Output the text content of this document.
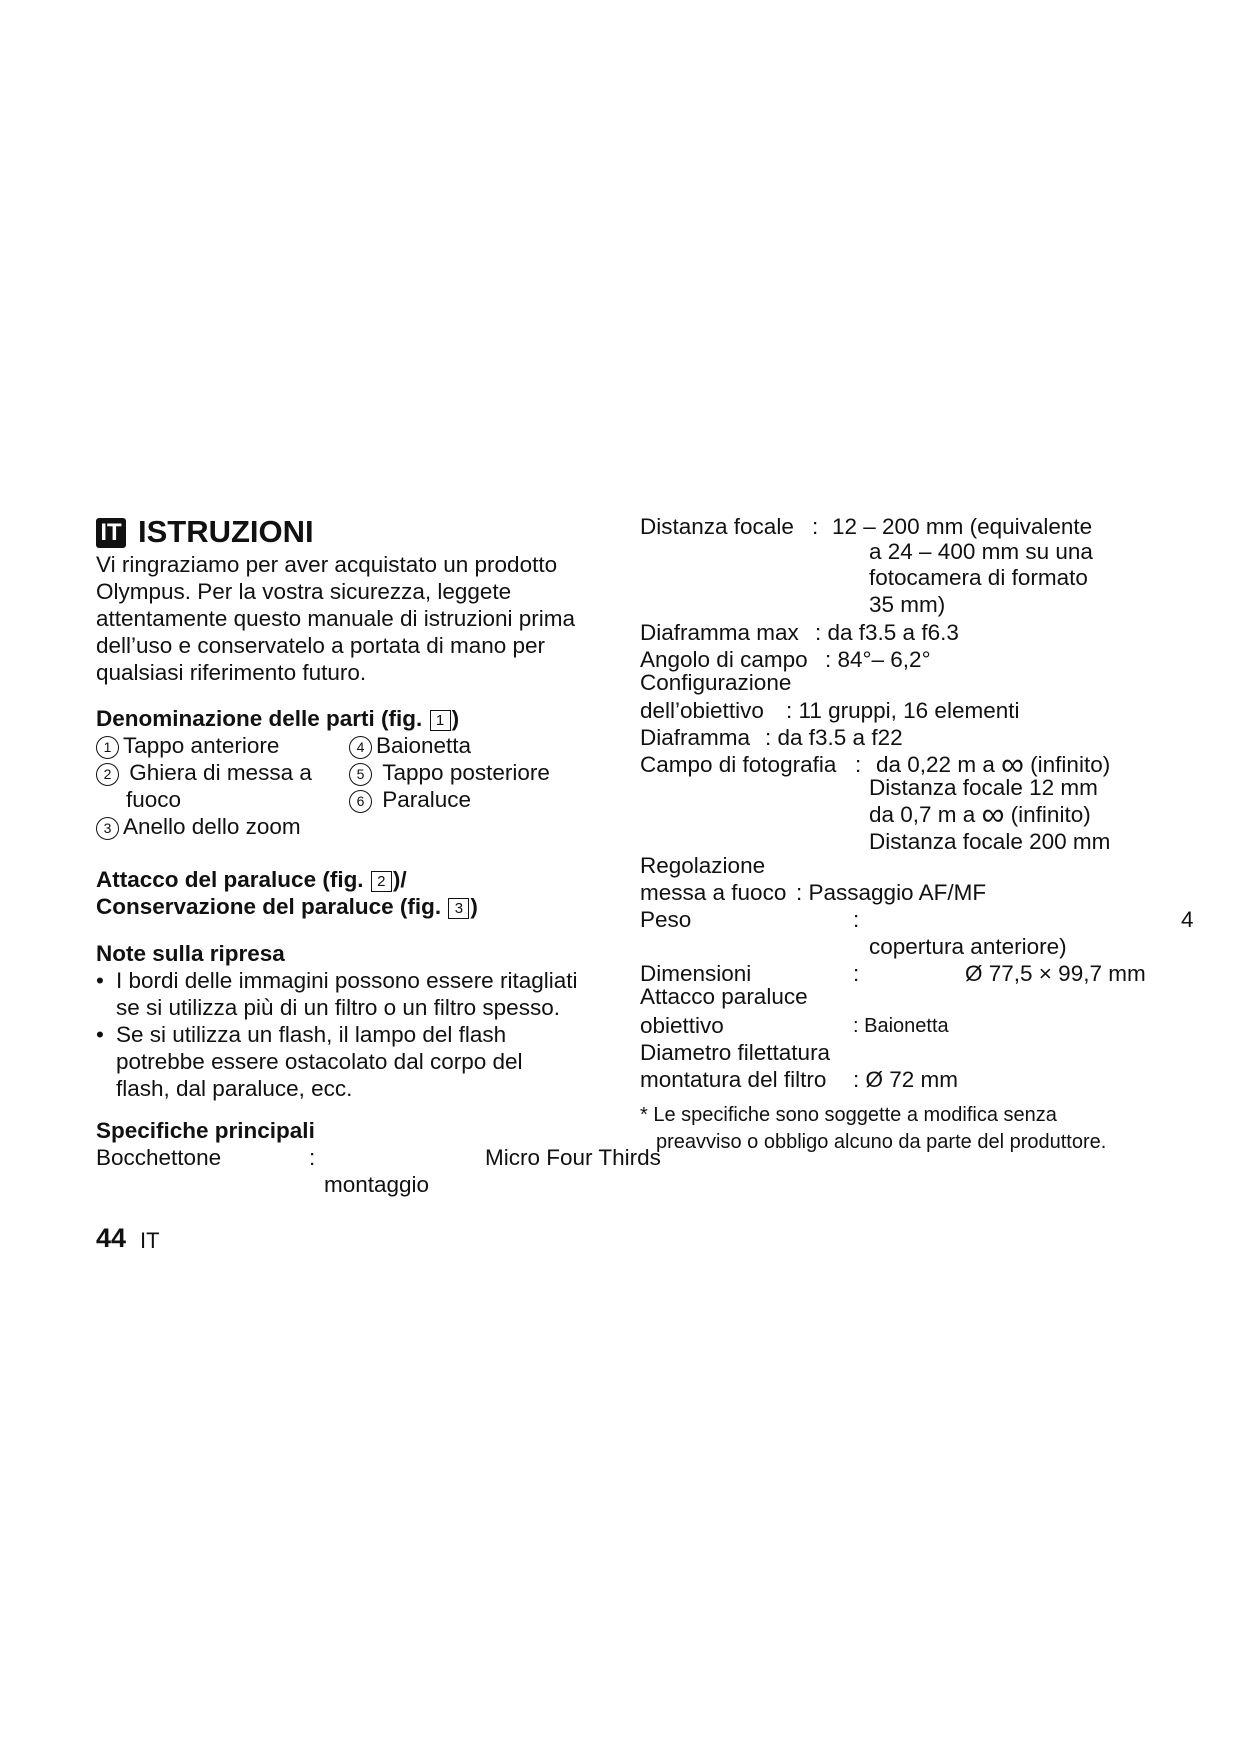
IT ISTRUZIONI
Vi ringraziamo per aver acquistato un prodotto
Olympus. Per la vostra sicurezza, leggete
attentamente questo manuale di istruzioni prima
dell’uso e conservatelo a portata di mano per
qualsiasi riferimento futuro.
Denominazione delle parti (fig. 1 )
1 Tappo anteriore
2 Ghiera di messa a
fuoco
3 Anello dello zoom
4 Baionetta
5 Tappo posteriore
6 Paraluce
Attacco del paraluce (fig. 2 )/
Conservazione del paraluce (fig. 3 )
Note sulla ripresa
• I bordi delle immagini possono essere ritagliati
se si utilizza più di un filtro o un filtro spesso.
• Se si utilizza un flash, il lampo del flash
potrebbe essere ostacolato dal corpo del
flash, dal paraluce, ecc.
Specifiche principali
Bocchettone	:	Micro Four Thirds
montaggio
Distanza focale : 12 – 200 mm (equivalente
a 24 – 400 mm su una
fotocamera di formato
35 mm)
Diaframma max : da f3.5 a f6.3
Angolo di campo : 84°– 6,2°
Configurazione
dell’obiettivo : 11 gruppi, 16 elementi
Diaframma : da f3.5 a f22
Campo di fotografia : da 0,22 m a ∞ (infinito)
Distanza focale 12 mm
da 0,7 m a ∞ (infinito)
Distanza focale 200 mm
Regolazione
messa a fuoco : Passaggio AF/MF
Peso	:	4
copertura anteriore)
Dimensioni	:	Ø 77,5 × 99,7 mm
Attacco paraluce
obiettivo	: Baionetta
Diametro filettatura
montatura del filtro : Ø 72 mm
* Le specifiche sono soggette a modifica senza
preavviso o obbligo alcuno da parte del produttore.
44 IT
